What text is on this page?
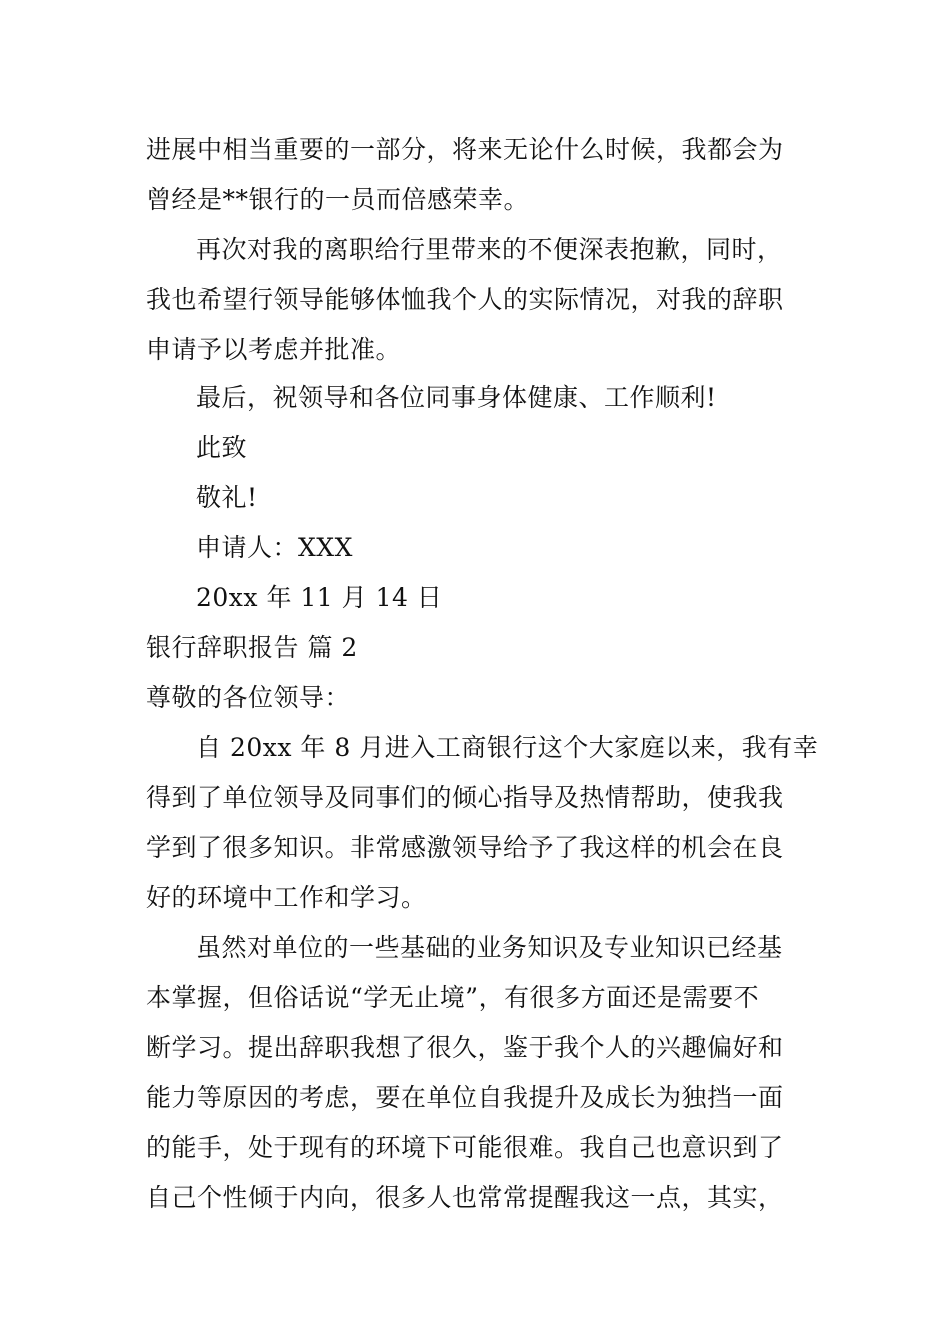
进展中相当重要的一部分，将来无论什么时候，我都会为
曾经是**银行的一员而倍感荣幸。
再次对我的离职给行里带来的不便深表抱歉，同时，
我也希望行领导能够体恤我个人的实际情况，对我的辞职
申请予以考虑并批准。
最后，祝领导和各位同事身体健康、工作顺利!
此致
敬礼!
申请人：XXX
20xx 年 11 月 14 日
银行辞职报告 篇 2
尊敬的各位领导：
自 20xx 年 8 月进入工商银行这个大家庭以来，我有幸
得到了单位领导及同事们的倾心指导及热情帮助，使我我
学到了很多知识。非常感激领导给予了我这样的机会在良
好的环境中工作和学习。
虽然对单位的一些基础的业务知识及专业知识已经基
本掌握，但俗话说“学无止境”，有很多方面还是需要不
断学习。提出辞职我想了很久，鉴于我个人的兴趣偏好和
能力等原因的考虑，要在单位自我提升及成长为独挡一面
的能手，处于现有的环境下可能很难。我自己也意识到了
自己个性倾于内向，很多人也常常提醒我这一点，其实，
